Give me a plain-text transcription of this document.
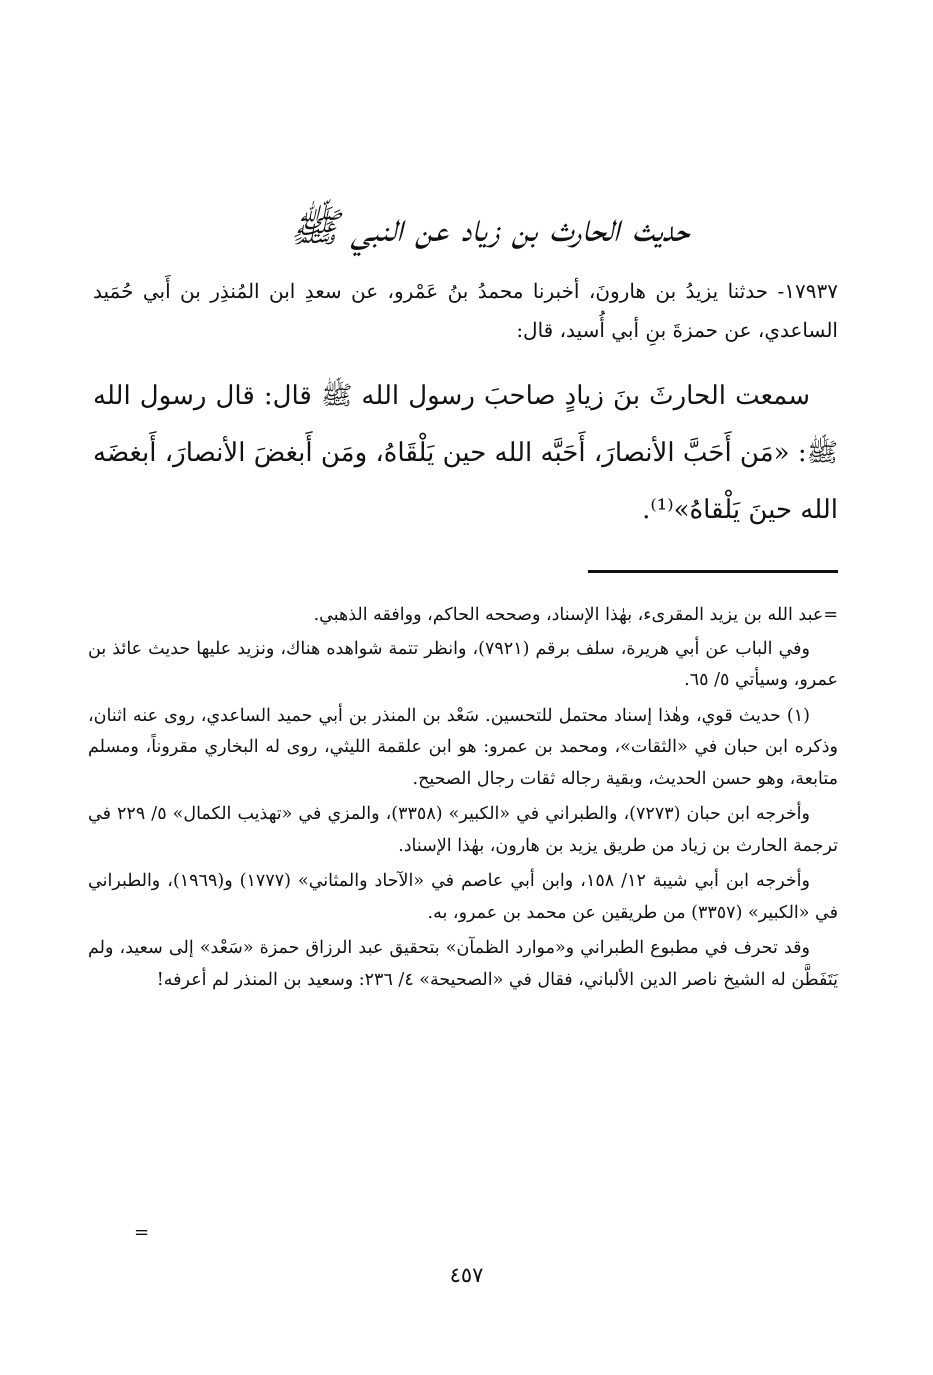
حديث الحارث بن زياد عن النبي ﷺ
١٧٩٣٧- حدثنا يزيدُ بن هارونَ، أخبرنا محمدُ بنُ عَمْرو، عن سعدِ ابن المُنذِر بن أَبي حُمَيد الساعدي، عن حمزةَ بنِ أبي أُسيد، قال:
سمعت الحارثَ بنَ زيادٍ صاحبَ رسول الله ﷺ قال: قال رسول الله ﷺ: «مَن أَحَبَّ الأنصارَ، أَحَبَّه الله حين يَلْقَاهُ، ومَن أَبغضَ الأنصارَ، أَبغضَه الله حينَ يَلْقاهُ»⁽¹⁾.

=عبد الله بن يزيد المقرىء، بهٰذا الإسناد، وصححه الحاكم، ووافقه الذهبي.

وفي الباب عن أبي هريرة، سلف برقم (٧٩٢١)، وانظر تتمة شواهده هناك، ونزيد عليها حديث عائذ بن عمرو، وسيأتي ٥/ ٦٥.

(١) حديث قوي، وهٰذا إسناد محتمل للتحسين. سَعْد بن المنذر بن أبي حميد الساعدي، روى عنه اثنان، وذكره ابن حبان في «الثقات»، ومحمد بن عمرو: هو ابن علقمة الليثي، روى له البخاري مقروناً، ومسلم متابعة، وهو حسن الحديث، وبقية رجاله ثقات رجال الصحيح.

وأخرجه ابن حبان (٧٢٧٣)، والطبراني في «الكبير» (٣٣٥٨)، والمزي في «تهذيب الكمال» ٥/ ٢٢٩ في ترجمة الحارث بن زياد من طريق يزيد بن هارون، بهٰذا الإسناد.

وأخرجه ابن أبي شيبة ١٢/ ١٥٨، وابن أبي عاصم في «الآحاد والمثاني» (١٧٧٧) و(١٩٦٩)، والطبراني في «الكبير» (٣٣٥٧) من طريقين عن محمد بن عمرو، به.

وقد تحرف في مطبوع الطبراني و«موارد الظمآن» بتحقيق عبد الرزاق حمزة «سَعْد» إلى سعيد، ولم يَتَفَطَّن له الشيخ ناصر الدين الألباني، فقال في «الصحيحة» ٤/ ٢٣٦: وسعيد بن المنذر لم أعرفه!

=
٤٥٧
